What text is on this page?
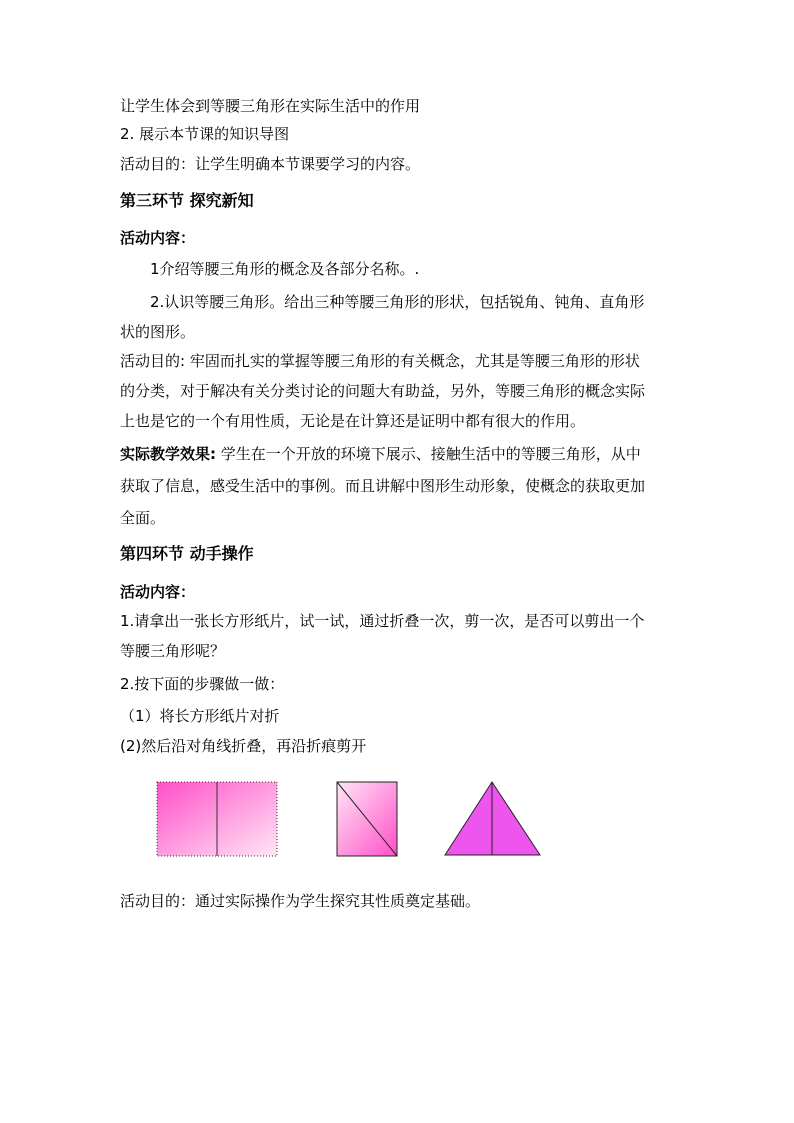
让学生体会到等腰三角形在实际生活中的作用
2. 展示本节课的知识导图
活动目的：让学生明确本节课要学习的内容。
第三环节 探究新知
活动内容：
1介绍等腰三角形的概念及各部分名称。.
2.认识等腰三角形。给出三种等腰三角形的形状，包括锐角、钝角、直角形
状的图形。
活动目的: 牢固而扎实的掌握等腰三角形的有关概念，尤其是等腰三角形的形状
的分类，对于解决有关分类讨论的问题大有助益，另外，等腰三角形的概念实际
上也是它的一个有用性质，无论是在计算还是证明中都有很大的作用。
实际教学效果: 学生在一个开放的环境下展示、接触生活中的等腰三角形，从中
获取了信息，感受生活中的事例。而且讲解中图形生动形象，使概念的获取更加
全面。
第四环节 动手操作
活动内容：
1.请拿出一张长方形纸片，试一试，通过折叠一次，剪一次，是否可以剪出一个
等腰三角形呢？
2.按下面的步骤做一做：
（1）将长方形纸片对折
(2)然后沿对角线折叠，再沿折痕剪开
活动目的：通过实际操作为学生探究其性质奠定基础。
